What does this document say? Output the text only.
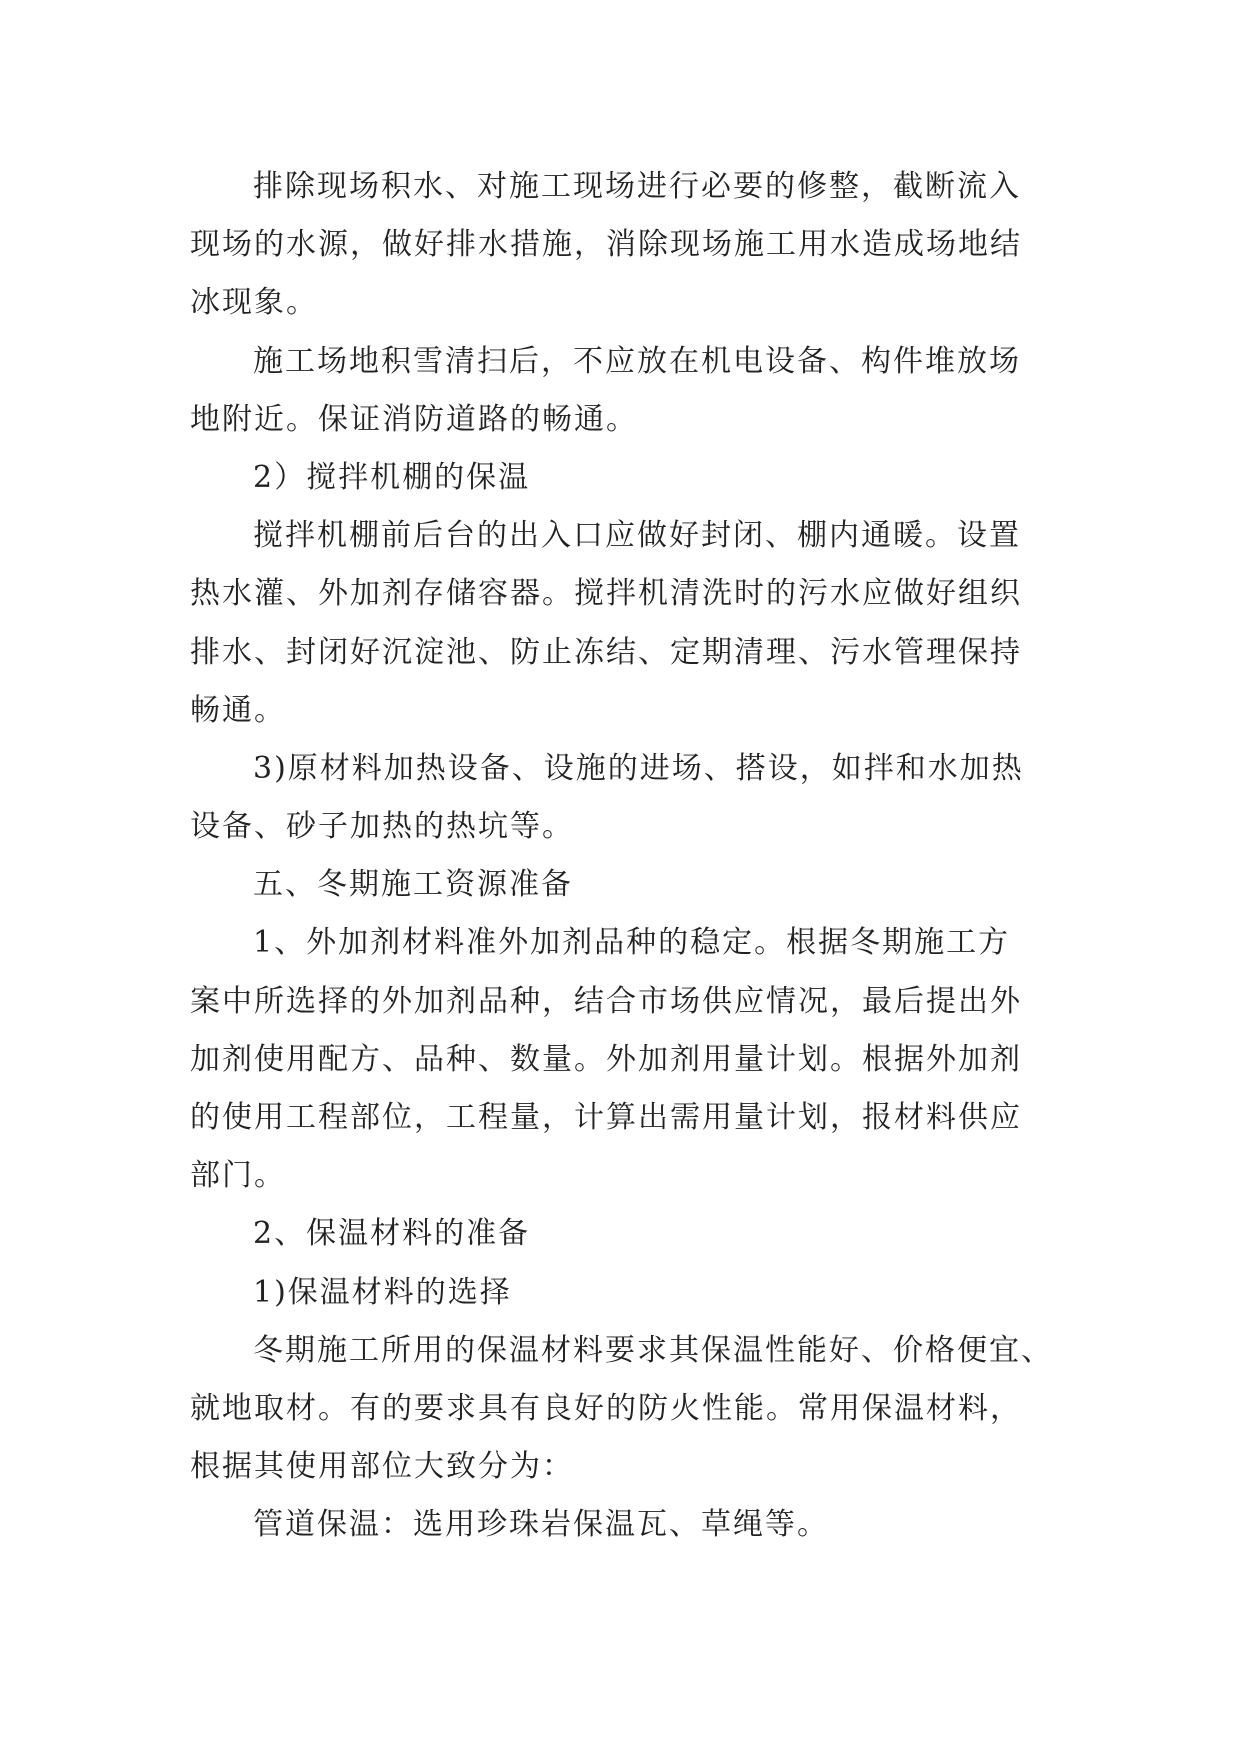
排除现场积水、对施工现场进行必要的修整，截断流入
现场的水源，做好排水措施，消除现场施工用水造成场地结
冰现象。
施工场地积雪清扫后，不应放在机电设备、构件堆放场
地附近。保证消防道路的畅通。
2）搅拌机棚的保温
搅拌机棚前后台的出入口应做好封闭、棚内通暖。设置
热水灌、外加剂存储容器。搅拌机清洗时的污水应做好组织
排水、封闭好沉淀池、防止冻结、定期清理、污水管理保持
畅通。
3)原材料加热设备、设施的进场、搭设，如拌和水加热
设备、砂子加热的热坑等。
五、冬期施工资源准备
1、外加剂材料准外加剂品种的稳定。根据冬期施工方
案中所选择的外加剂品种，结合市场供应情况，最后提出外
加剂使用配方、品种、数量。外加剂用量计划。根据外加剂
的使用工程部位，工程量，计算出需用量计划，报材料供应
部门。
2、保温材料的准备
1)保温材料的选择
冬期施工所用的保温材料要求其保温性能好、价格便宜、
就地取材。有的要求具有良好的防火性能。常用保温材料，
根据其使用部位大致分为：
管道保温：选用珍珠岩保温瓦、草绳等。
